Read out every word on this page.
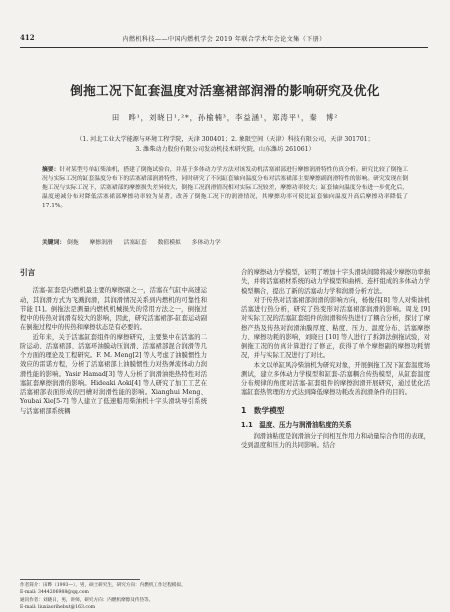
412	内燃机科技——中国内燃机学会 2019 年联合学术年会论文集（下册）
倒拖工况下缸套温度对活塞裙部润滑的影响研究及优化
田　晔¹，刘晓日¹,²*，孙榆楠³，李益涵¹，郑涛平¹，秦　博²
（1. 河北工业大学能源与环境工程学院，天津 300401；2. 象限空间（天津）科技有限公司，天津 301701；
3. 潍柴动力股份有限公司发动机技术研究院，山东潍坊 261061）
摘要：针对某型号单缸柴油机，搭建了倒拖试验台，并基于多体动力学方法对该发动机活塞裙部进行摩擦润滑特性仿真分析。研究比较了倒拖工况与实际工况的缸套温度分布下的活塞裙部润滑特性，同时研究了不同缸套轴向温度分布对活塞裙部主要摩擦副润滑特性的影响。研究发现在倒拖工况与实际工况下，活塞裙部的摩擦损失差异较大，倒拖工况润滑情况相对实际工况较差，摩擦功率较大；缸套轴向温度分布进一步优化后，温度递减分布对降低活塞裙部摩擦功率较为显著，改善了倒拖工况下的润滑情况，其摩擦功率可使比缸套轴向温度升高后摩擦功率降低了 17.1%。
关键词： 倒拖 摩擦润滑 活塞缸套 数值模拟 多体动力学
引言

活塞-缸套是内燃机最主要的摩擦副之一，活塞在气缸中高速运动，其润滑方式为飞溅润滑，其润滑情况关系到内燃机的可靠性和节能 [1]。倒拖法是测量内燃机机械损失的常用方法之一，倒拖过程中的传热对润滑有较大的影响，因此，研究活塞裙部-缸套运动副在倒拖过程中的传热和摩擦状态是有必要的。

近年来，关于活塞缸套组件的摩擦研究，主要集中在活塞的二阶运动、活塞裙部、活塞环油膜动压润滑、活塞裙部混合润滑等几个方面的理论及工程研究。F. M. Meng[2] 等人考虑了油膜惯性力效应的雷诺方程，分析了活塞裙部上油膜惯性力对热弹流体动力润滑性能的影响。Yasir Hamad[3] 等人分析了润滑油绝热特性对活塞缸套摩擦润滑的影响。Hideaki Aoki[4] 等人研究了加工工艺在活塞裙部表面形成的凹槽对润滑性能的影响。Xianghui Meng、Youbai Xie[5-7] 等人建立了低速船用柴油机十字头滑块导引系统与活塞裙部系统耦

合的摩擦动力学模型，证明了增加十字头滑块间隙将减少摩擦功率损失，并将活塞裙材系统的动力学模型和曲柄、连杆组成的多体动力学模型耦合，提出了新的活塞动力学和润滑分析方法。

对于传热对活塞裙部润滑的影响方向，杨俊伟[8] 等人对柴油机活塞进行热分析，研究了热变形对活塞裙部润滑的影响。周龙 [9] 对实际工况的活塞缸套组件的润滑和传热进行了耦合分析，探讨了摩擦产热及传热对润滑油膜厚度、粘度、压力、温度分布、活塞摩擦力、摩擦功耗的影响，刘晓日 [10] 等人进行了拆卸法倒拖试验，对倒拖工况的仿真计算进行了修正，获得了单个摩擦副的摩擦功耗情况，并与实际工况进行了对比。

本文以单缸风冷柴油机为研究对象，开展倒拖工况下缸套温度场测试，建立多体动力学模型和缸套-活塞耦合传热模型，从缸套温度分布规律的角度对活塞-缸套组件的摩擦润滑开展研究，通过优化活塞缸套热管理的方式达到降低摩擦功耗改善润滑条件的目的。

1　数学模型
1.1　温度、压力与润滑油粘度的关系

润滑油粘度是润滑油分子间相互作用力和动量综合作用的表现，受到温度和压力的共同影响。结合

作者简介：田晔（1993—），男，硕士研究生，研究方向：内燃机工作过程模拟。
E-mail: 3444206988@qq.com
通讯作者：刘晓日，男，讲师，研究方向：内燃机摩擦及传热等。
E-mail: liuxiaorihebut@163.com
